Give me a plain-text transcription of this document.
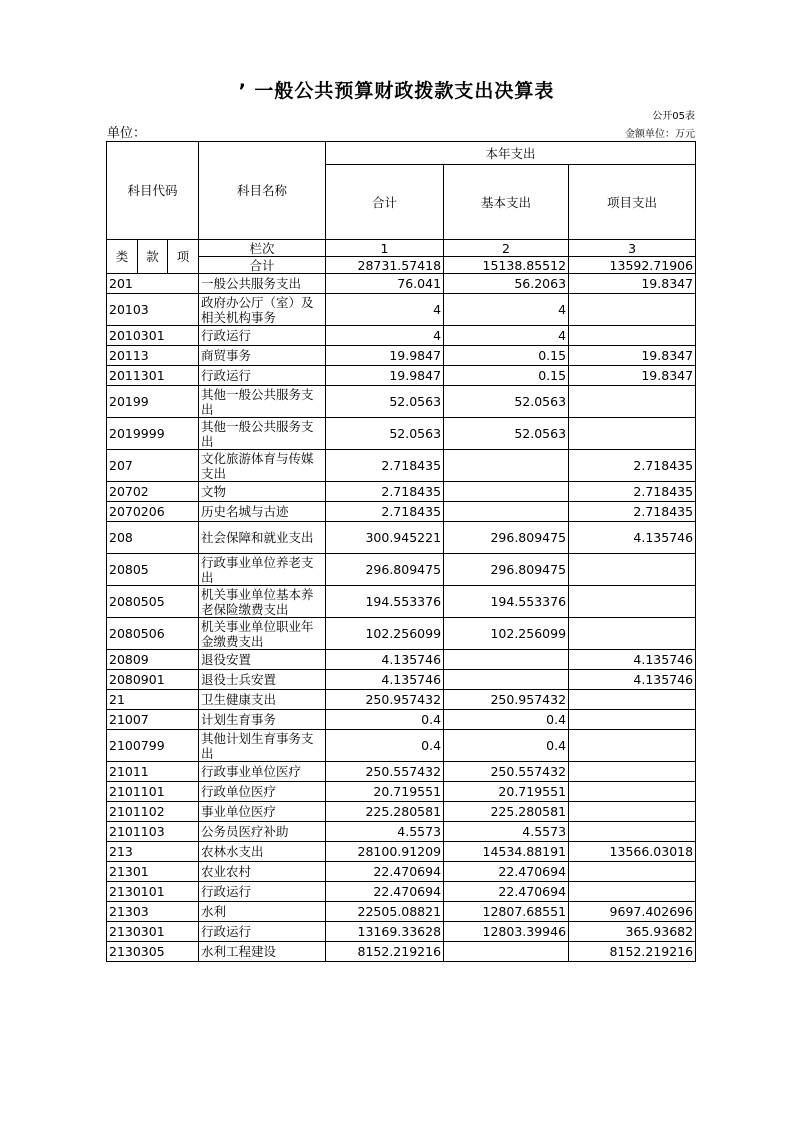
’ 一般公共预算财政拨款支出决算表
公开05表
单位：	金额单位：万元
科目代码			科目名称	本年支出		
				合计	基本支出	项目支出
类	款	项	栏次	1	2	3
			合计	28731.57418	15138.85512	13592.71906
201			一般公共服务支出	76.041	56.2063	19.8347
20103			政府办公厅（室）及相关机构事务	4	4	
2010301			行政运行	4	4	
20113			商贸事务	19.9847	0.15	19.8347
2011301			行政运行	19.9847	0.15	19.8347
20199			其他一般公共服务支出	52.0563	52.0563	
2019999			其他一般公共服务支出	52.0563	52.0563	
207			文化旅游体育与传媒支出	2.718435		2.718435
20702			文物	2.718435		2.718435
2070206			历史名城与古迹	2.718435		2.718435
208			社会保障和就业支出	300.945221	296.809475	4.135746
20805			行政事业单位养老支出	296.809475	296.809475	
2080505			机关事业单位基本养老保险缴费支出	194.553376	194.553376	
2080506			机关事业单位职业年金缴费支出	102.256099	102.256099	
20809			退役安置	4.135746		4.135746
2080901			退役士兵安置	4.135746		4.135746
21			卫生健康支出	250.957432	250.957432	
21007			计划生育事务	0.4	0.4	
2100799			其他计划生育事务支出	0.4	0.4	
21011			行政事业单位医疗	250.557432	250.557432	
2101101			行政单位医疗	20.719551	20.719551	
2101102			事业单位医疗	225.280581	225.280581	
2101103			公务员医疗补助	4.5573	4.5573	
213			农林水支出	28100.91209	14534.88191	13566.03018
21301			农业农村	22.470694	22.470694	
2130101			行政运行	22.470694	22.470694	
21303			水利	22505.08821	12807.68551	9697.402696
2130301			行政运行	13169.33628	12803.39946	365.93682
2130305			水利工程建设	8152.219216		8152.219216
